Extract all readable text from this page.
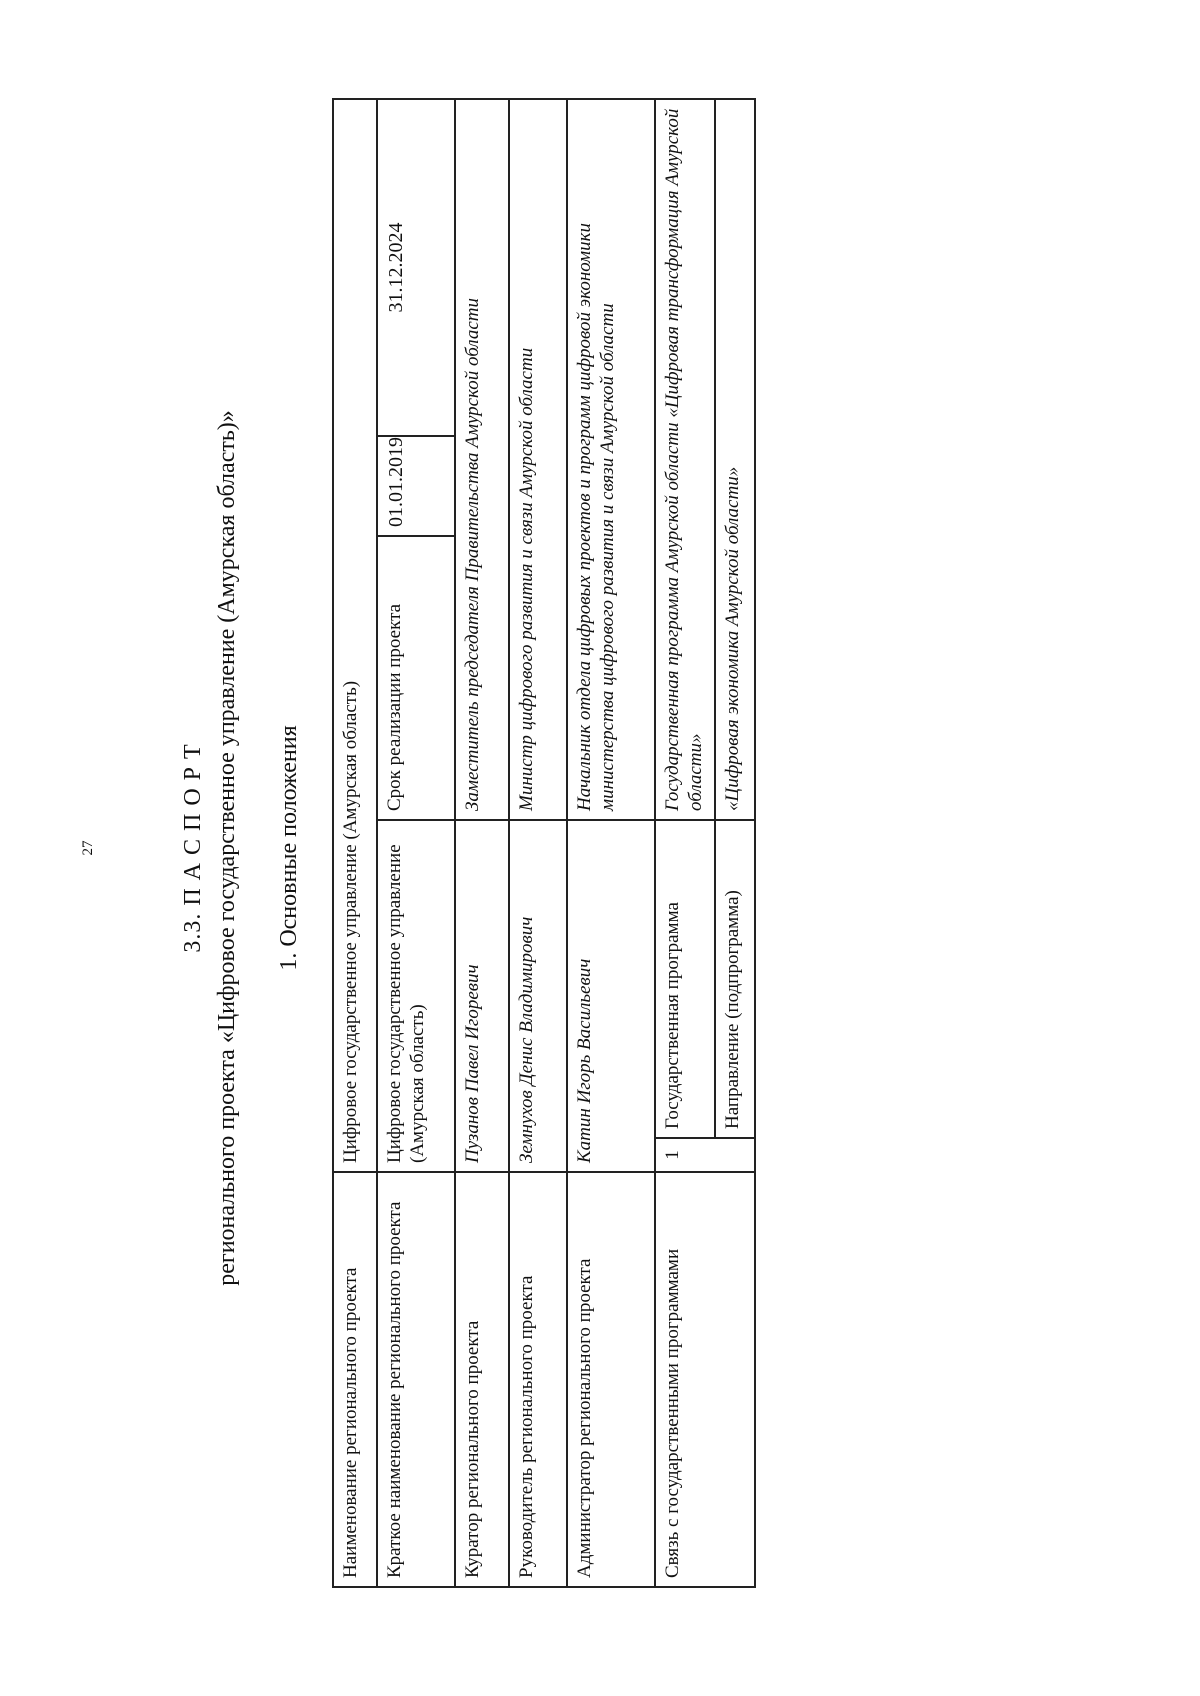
27	3.3. П А С П О Р Т регионального проекта «Цифровое государственное управление (Амурская область)» 1. Основные положения
Наименование регионального проекта	Цифровое государственное управление (Амурская область)				
Краткое наименование регионального проекта	Цифровое государственное управление (Амурская область)		Срок реализации проекта	01.01.2019	31.12.2024
Куратор регионального проекта	Пузанов Павел Игоревич		Заместитель председателя Правительства Амурской области		
Руководитель регионального проекта	Земнухов Денис Владимирович		Министр цифрового развития и связи Амурской области		
Администратор регионального проекта	Катин Игорь Васильевич		Начальник отдела цифровых проектов и программ цифровой экономики министерства цифрового развития и связи Амурской области		
Связь с государственными программами	1	Государственная программа	Государственная программа Амурской области «Цифровая трансформация Амурской области»		
		Направление (подпрограмма)	«Цифровая экономика Амурской области»		
